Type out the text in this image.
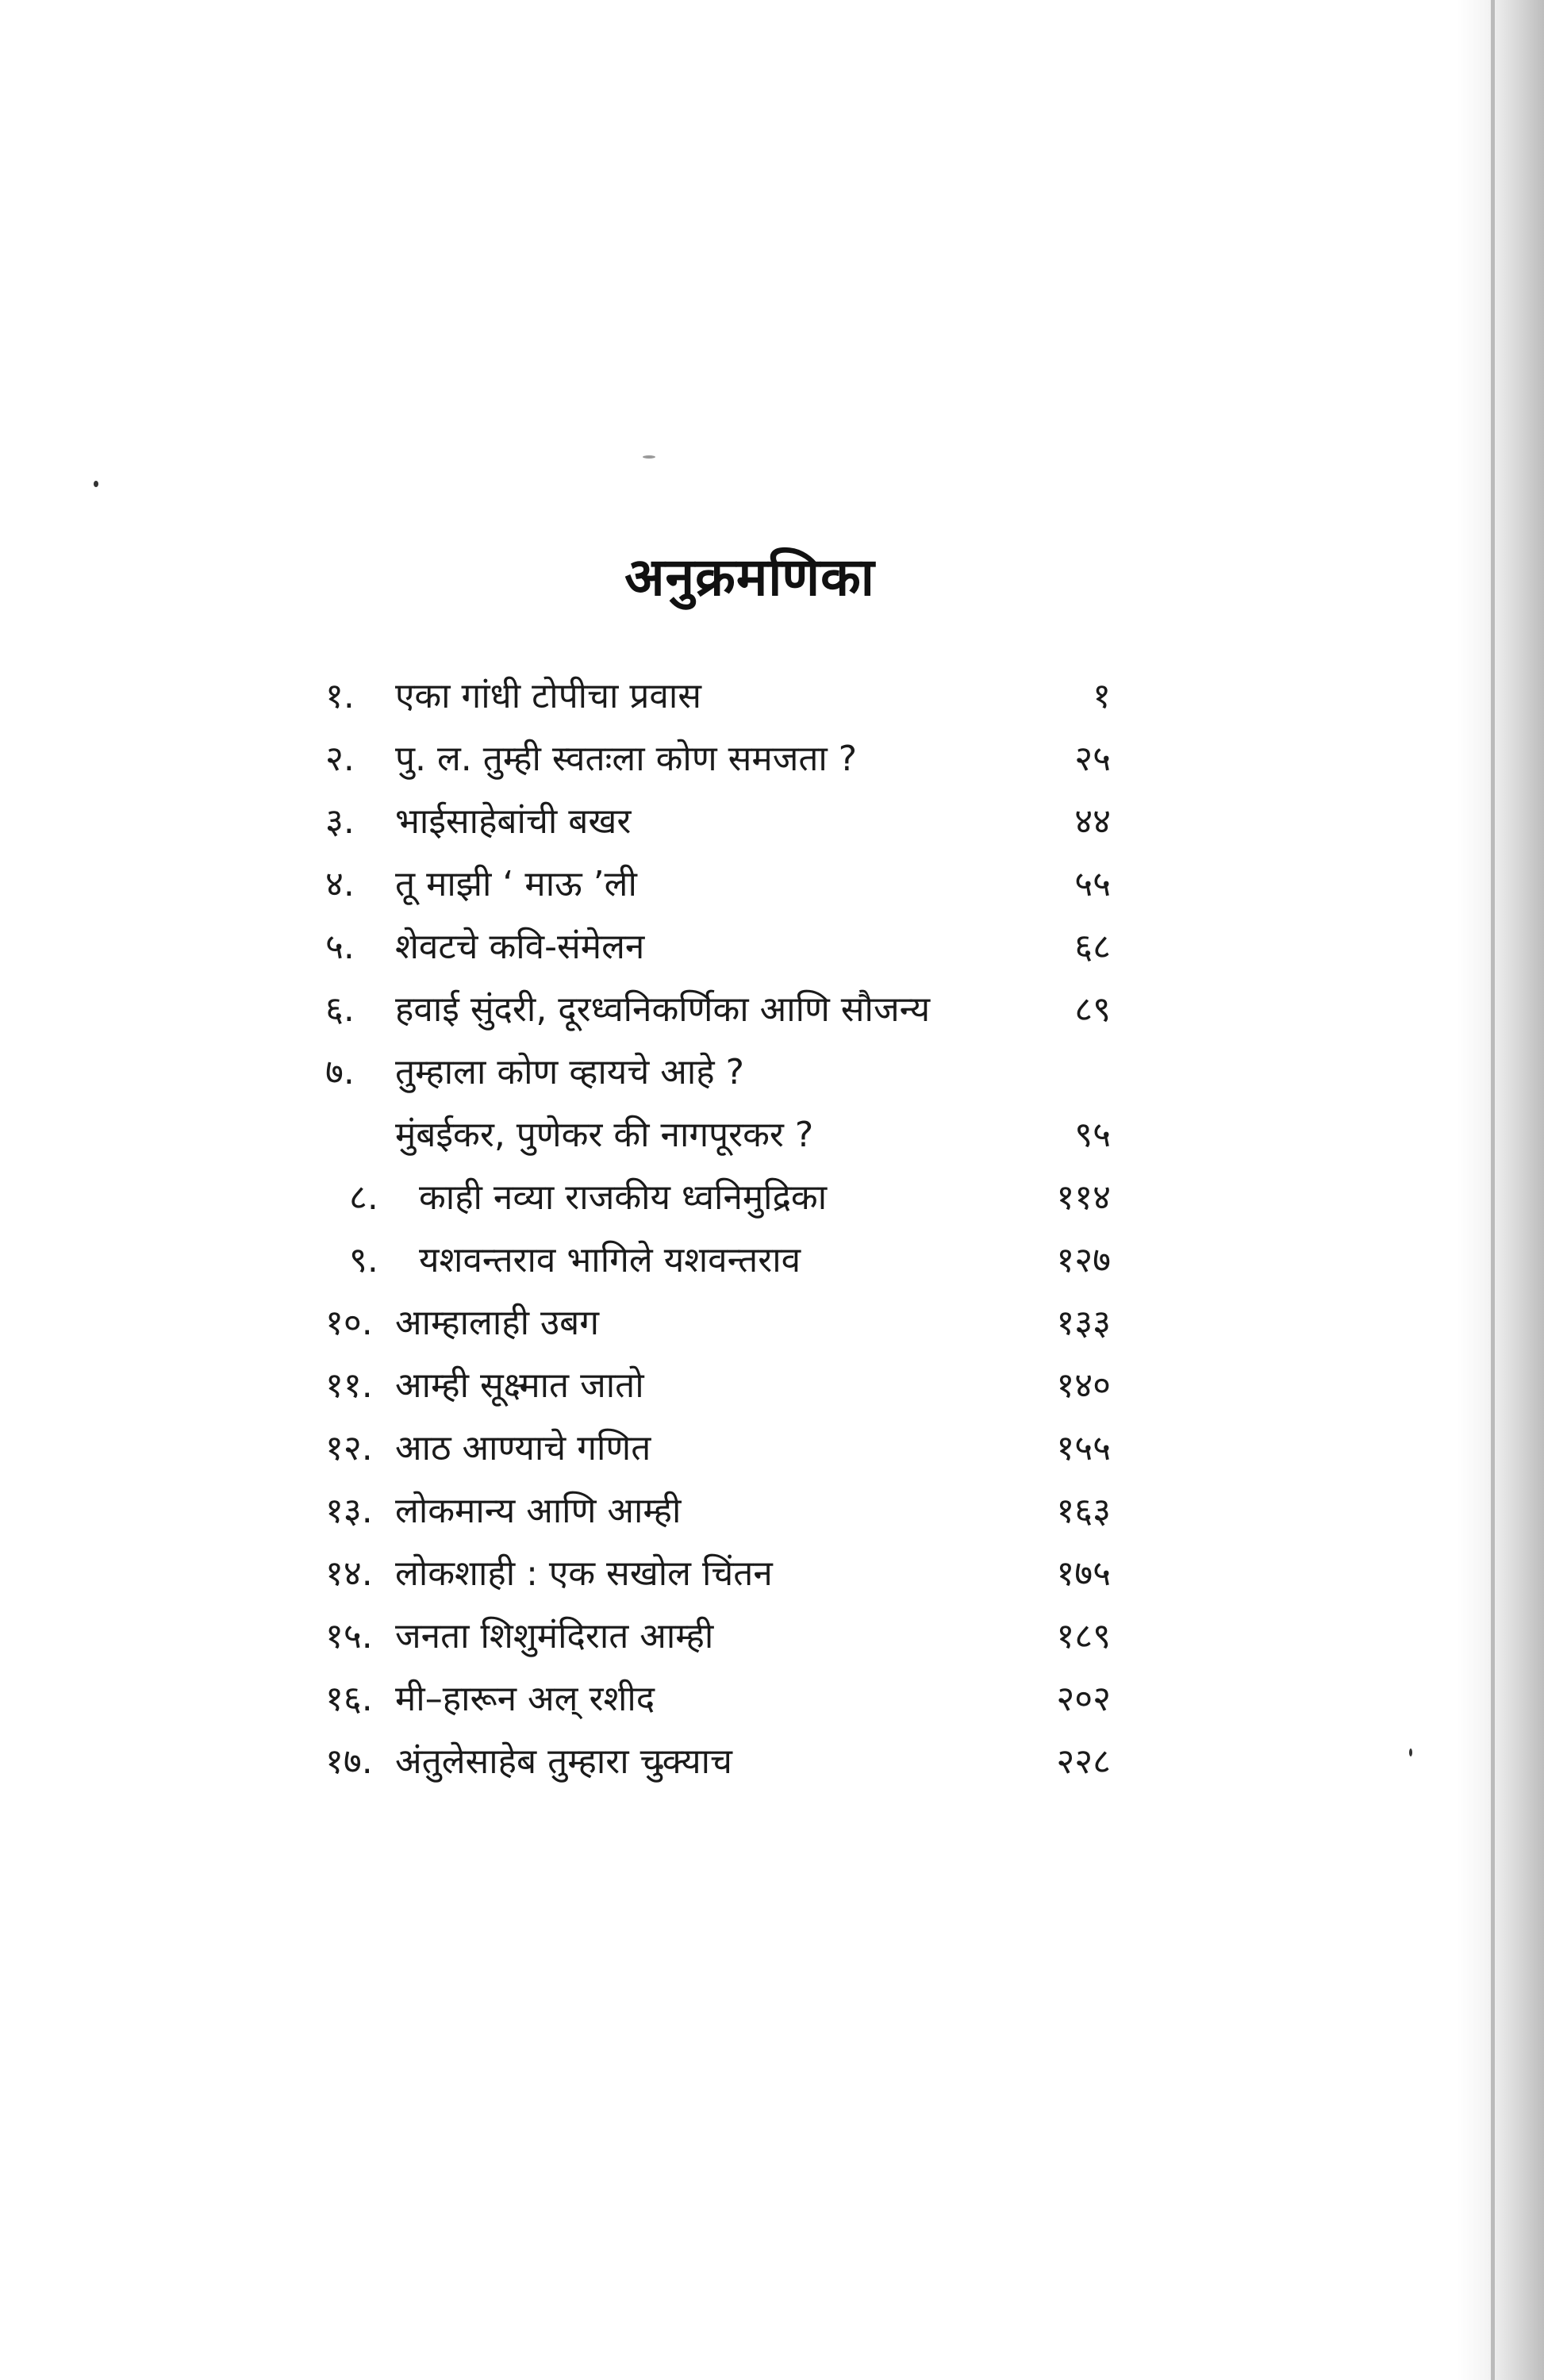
अनुक्रमणिका
१. एका गांधी टोपीचा प्रवास	१
२. पु. ल. तुम्ही स्वतःला कोण समजता ?	२५
३. भाईसाहेबांची बखर	४४
४. तू माझी ‘ माऊ ’ली	५५
५. शेवटचे कवि-संमेलन	६८
६. हवाई सुंदरी, दूरध्वनिकर्णिका आणि सौजन्य	८९
७. तुम्हाला कोण व्हायचे आहे ?
मुंबईकर, पुणेकर की नागपूरकर ?	९५
८. काही नव्या राजकीय ध्वनिमुद्रिका	११४
९. यशवन्तराव भागिले यशवन्तराव	१२७
१०. आम्हालाही उबग	१३३
११. आम्ही सूक्ष्मात जातो	१४०
१२. आठ आण्याचे गणित	१५५
१३. लोकमान्य आणि आम्ही	१६३
१४. लोकशाही : एक सखोल चिंतन	१७५
१५. जनता शिशुमंदिरात आम्ही	१८९
१६. मी–हारून अल् रशीद	२०२
१७. अंतुलेसाहेब तुम्हारा चुक्याच	२२८
